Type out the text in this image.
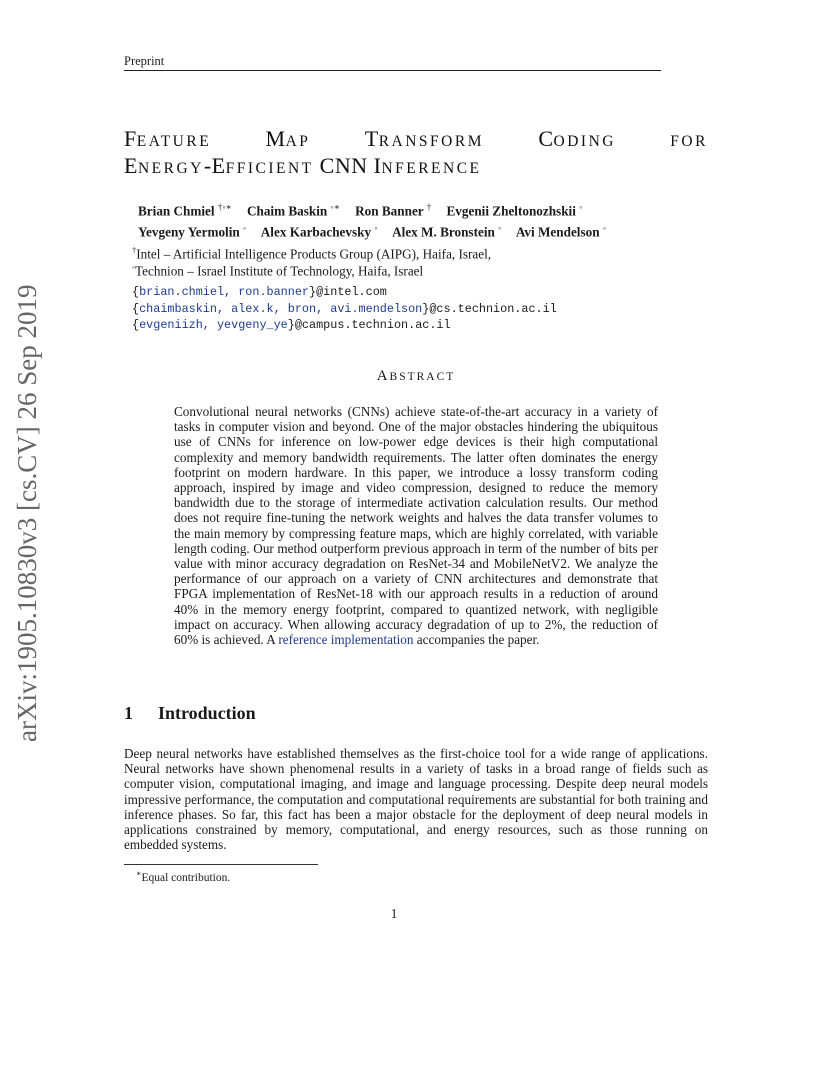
Preprint
arXiv:1905.10830v3 [cs.CV] 26 Sep 2019
FEATURE MAP TRANSFORM CODING	FOR
ENERGY-EFFICIENT CNN INFERENCE
Brian Chmiel †◦∗ Chaim Baskin ◦∗ Ron Banner † Evgenii Zheltonozhskii ◦
Yevgeny Yermolin ◦ Alex Karbachevsky ◦ Alex M. Bronstein ◦ Avi Mendelson ◦
†Intel – Artificial Intelligence Products Group (AIPG), Haifa, Israel,
◦Technion – Israel Institute of Technology, Haifa, Israel
{brian.chmiel, ron.banner}@intel.com
{chaimbaskin, alex.k, bron, avi.mendelson}@cs.technion.ac.il
{evgeniizh, yevgeny_ye}@campus.technion.ac.il
ABSTRACT
Convolutional neural networks (CNNs) achieve state-of-the-art accuracy in a variety of tasks in computer vision and beyond. One of the major obstacles hindering the ubiquitous use of CNNs for inference on low-power edge devices is their high computational complexity and memory bandwidth requirements. The latter often dominates the energy footprint on modern hardware. In this paper, we introduce a lossy transform coding approach, inspired by image and video compression, designed to reduce the memory bandwidth due to the storage of intermediate activation calculation results. Our method does not require fine-tuning the network weights and halves the data transfer volumes to the main memory by compressing feature maps, which are highly correlated, with variable length coding. Our method outperform previous approach in term of the number of bits per value with minor accuracy degradation on ResNet-34 and MobileNetV2. We analyze the performance of our approach on a variety of CNN architectures and demonstrate that FPGA implementation of ResNet-18 with our approach results in a reduction of around 40% in the memory energy footprint, compared to quantized network, with negligible impact on accuracy. When allowing accuracy degradation of up to 2%, the reduction of 60% is achieved. A reference implementation accompanies the paper.
1 Introduction
Deep neural networks have established themselves as the first-choice tool for a wide range of applications. Neural networks have shown phenomenal results in a variety of tasks in a broad range of fields such as computer vision, computational imaging, and image and language processing. Despite deep neural models impressive performance, the computation and computational requirements are substantial for both training and inference phases. So far, this fact has been a major obstacle for the deployment of deep neural models in applications constrained by memory, computational, and energy resources, such as those running on embedded systems.
∗Equal contribution.
1
